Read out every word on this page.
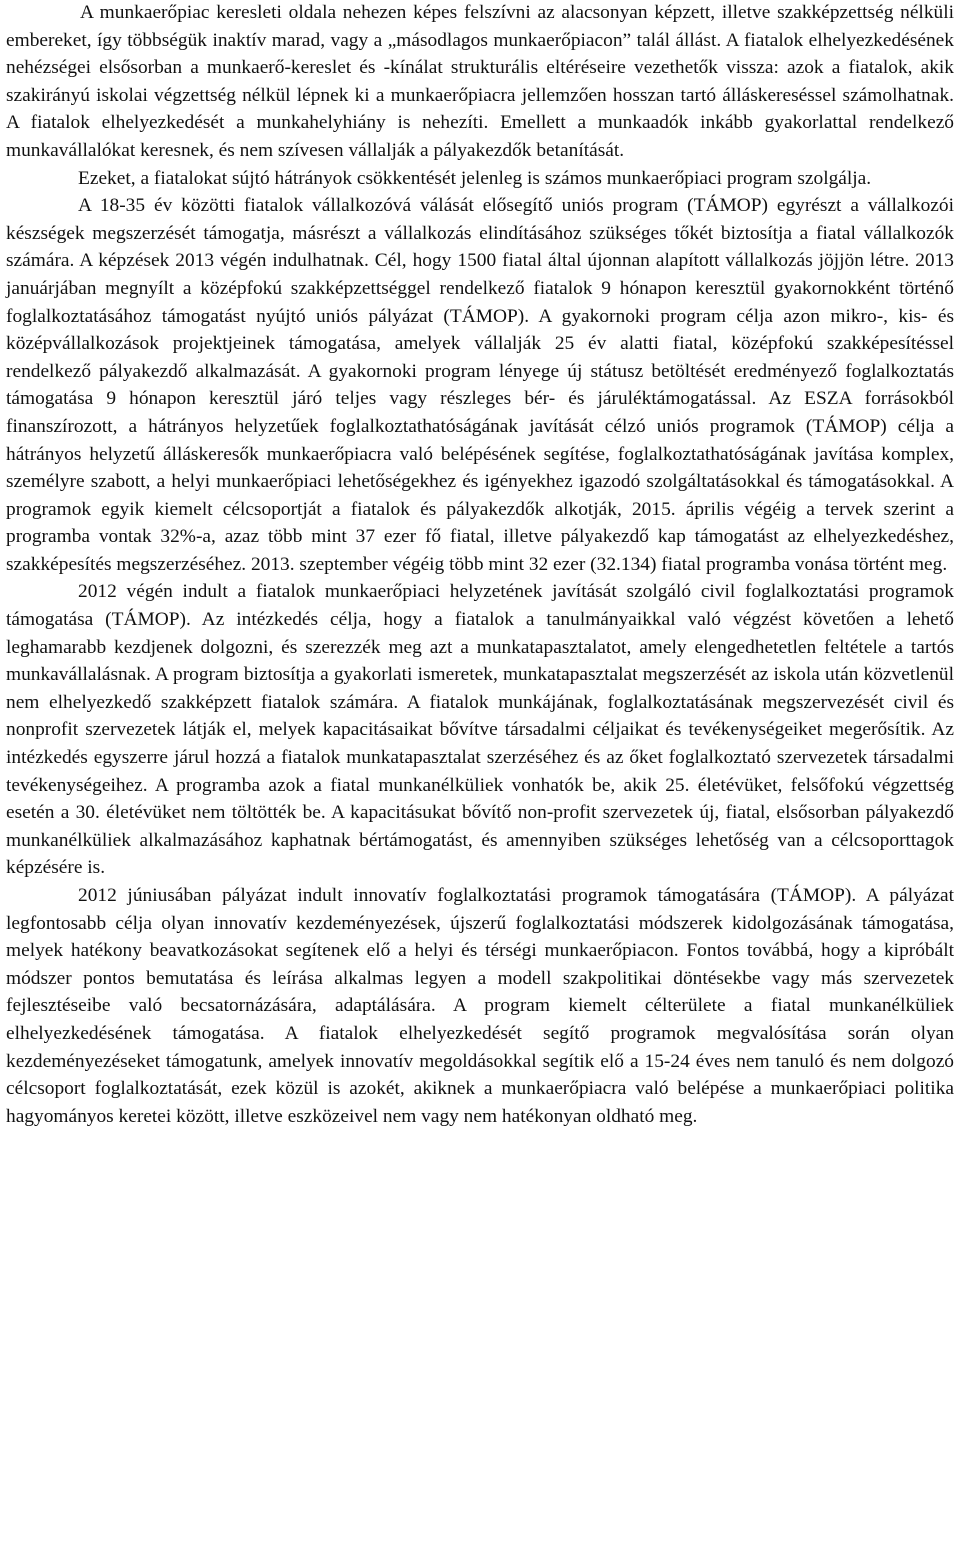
A munkaerőpiac keresleti oldala nehezen képes felszívni az alacsonyan képzett, illetve szakképzettség nélküli embereket, így többségük inaktív marad, vagy a „másodlagos munkaerőpiacon” talál állást. A fiatalok elhelyezkedésének nehézségei elsősorban a munkaerő-kereslet és -kínálat strukturális eltéréseire vezethetők vissza: azok a fiatalok, akik szakirányú iskolai végzettség nélkül lépnek ki a munkaerőpiacra jellemzően hosszan tartó álláskereséssel számolhatnak. A fiatalok elhelyezkedését a munkahelyhiány is nehezíti. Emellett a munkaadók inkább gyakorlattal rendelkező munkavállalókat keresnek, és nem szívesen vállalják a pályakezdők betanítását.

Ezeket, a fiatalokat sújtó hátrányok csökkentését jelenleg is számos munkaerőpiaci program szolgálja.

A 18-35 év közötti fiatalok vállalkozóvá válását elősegítő uniós program (TÁMOP) egyrészt a vállalkozói készségek megszerzését támogatja, másrészt a vállalkozás elindításához szükséges tőkét biztosítja a fiatal vállalkozók számára. A képzések 2013 végén indulhatnak. Cél, hogy 1500 fiatal által újonnan alapított vállalkozás jöjjön létre. 2013 januárjában megnyílt a középfokú szakképzettséggel rendelkező fiatalok 9 hónapon keresztül gyakornokként történő foglalkoztatásához támogatást nyújtó uniós pályázat (TÁMOP). A gyakornoki program célja azon mikro-, kis- és középvállalkozások projektjeinek támogatása, amelyek vállalják 25 év alatti fiatal, középfokú szakképesítéssel rendelkező pályakezdő alkalmazását. A gyakornoki program lényege új státusz betöltését eredményező foglalkoztatás támogatása 9 hónapon keresztül járó teljes vagy részleges bér- és járuléktámogatással. Az ESZA forrásokból finanszírozott, a hátrányos helyzetűek foglalkoztathatóságának javítását célzó uniós programok (TÁMOP) célja a hátrányos helyzetű álláskeresők munkaerőpiacra való belépésének segítése, foglalkoztathatóságának javítása komplex, személyre szabott, a helyi munkaerőpiaci lehetőségekhez és igényekhez igazodó szolgáltatásokkal és támogatásokkal. A programok egyik kiemelt célcsoportját a fiatalok és pályakezdők alkotják, 2015. április végéig a tervek szerint a programba vontak 32%-a, azaz több mint 37 ezer fő fiatal, illetve pályakezdő kap támogatást az elhelyezkedéshez, szakképesítés megszerzéséhez. 2013. szeptember végéig több mint 32 ezer (32.134) fiatal programba vonása történt meg.

2012 végén indult a fiatalok munkaerőpiaci helyzetének javítását szolgáló civil foglalkoztatási programok támogatása (TÁMOP). Az intézkedés célja, hogy a fiatalok a tanulmányaikkal való végzést követően a lehető leghamarabb kezdjenek dolgozni, és szerezzék meg azt a munkatapasztalatot, amely elengedhetetlen feltétele a tartós munkavállalásnak. A program biztosítja a gyakorlati ismeretek, munkatapasztalat megszerzését az iskola után közvetlenül nem elhelyezkedő szakképzett fiatalok számára. A fiatalok munkájának, foglalkoztatásának megszervezését civil és nonprofit szervezetek látják el, melyek kapacitásaikat bővítve társadalmi céljaikat és tevékenységeiket megerősítik. Az intézkedés egyszerre járul hozzá a fiatalok munkatapasztalat szerzéséhez és az őket foglalkoztató szervezetek társadalmi tevékenységeihez. A programba azok a fiatal munkanélküliek vonhatók be, akik 25. életévüket, felsőfokú végzettség esetén a 30. életévüket nem töltötték be. A kapacitásukat bővítő non-profit szervezetek új, fiatal, elsősorban pályakezdő munkanélküliek alkalmazásához kaphatnak bértámogatást, és amennyiben szükséges lehetőség van a célcsoporttagok képzésére is.

2012 júniusában pályázat indult innovatív foglalkoztatási programok támogatására (TÁMOP). A pályázat legfontosabb célja olyan innovatív kezdeményezések, újszerű foglalkoztatási módszerek kidolgozásának támogatása, melyek hatékony beavatkozásokat segítenek elő a helyi és térségi munkaerőpiacon. Fontos továbbá, hogy a kipróbált módszer pontos bemutatása és leírása alkalmas legyen a modell szakpolitikai döntésekbe vagy más szervezetek fejlesztéseibe való becsatornázására, adaptálására. A program kiemelt célterülete a fiatal munkanélküliek elhelyezkedésének támogatása. A fiatalok elhelyezkedését segítő programok megvalósítása során olyan kezdeményezéseket támogatunk, amelyek innovatív megoldásokkal segítik elő a 15-24 éves nem tanuló és nem dolgozó célcsoport foglalkoztatását, ezek közül is azokét, akiknek a munkaerőpiacra való belépése a munkaerőpiaci politika hagyományos keretei között, illetve eszközeivel nem vagy nem hatékonyan oldható meg.
